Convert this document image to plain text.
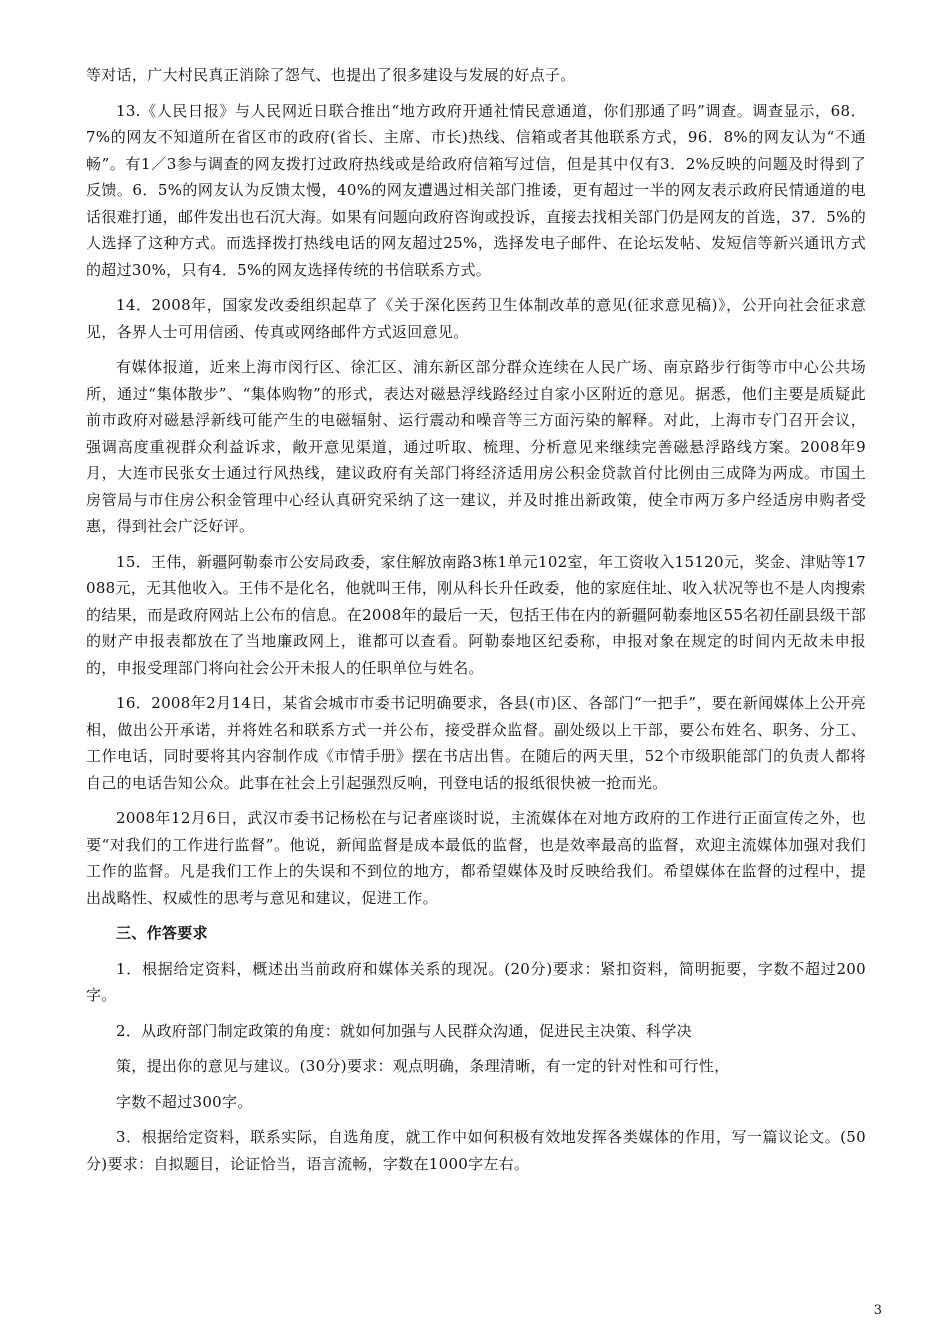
等对话，广大村民真正消除了怨气、也提出了很多建设与发展的好点子。

13.《人民日报》与人民网近日联合推出“地方政府开通社情民意通道，你们那通了吗”调查。调查显示，68．7%的网友不知道所在省区市的政府(省长、主席、市长)热线、信箱或者其他联系方式，96．8%的网友认为“不通畅”。有1／3参与调查的网友拨打过政府热线或是给政府信箱写过信，但是其中仅有3．2%反映的问题及时得到了反馈。6．5%的网友认为反馈太慢，40%的网友遭遇过相关部门推诿，更有超过一半的网友表示政府民情通道的电话很难打通，邮件发出也石沉大海。如果有问题向政府咨询或投诉，直接去找相关部门仍是网友的首选，37．5%的人选择了这种方式。而选择拨打热线电话的网友超过25%，选择发电子邮件、在论坛发帖、发短信等新兴通讯方式的超过30%，只有4．5%的网友选择传统的书信联系方式。

14．2008年，国家发改委组织起草了《关于深化医药卫生体制改革的意见(征求意见稿)》，公开向社会征求意见，各界人士可用信函、传真或网络邮件方式返回意见。

有媒体报道，近来上海市闵行区、徐汇区、浦东新区部分群众连续在人民广场、南京路步行街等市中心公共场所，通过“集体散步”、“集体购物”的形式，表达对磁悬浮线路经过自家小区附近的意见。据悉，他们主要是质疑此前市政府对磁悬浮新线可能产生的电磁辐射、运行震动和噪音等三方面污染的解释。对此，上海市专门召开会议，强调高度重视群众利益诉求，敞开意见渠道，通过听取、梳理、分析意见来继续完善磁悬浮路线方案。2008年9月，大连市民张女士通过行风热线，建议政府有关部门将经济适用房公积金贷款首付比例由三成降为两成。市国土房管局与市住房公积金管理中心经认真研究采纳了这一建议，并及时推出新政策，使全市两万多户经适房申购者受惠，得到社会广泛好评。

15．王伟，新疆阿勒泰市公安局政委，家住解放南路3栋1单元102室，年工资收入15120元，奖金、津贴等17088元，无其他收入。王伟不是化名，他就叫王伟，刚从科长升任政委，他的家庭住址、收入状况等也不是人肉搜索的结果，而是政府网站上公布的信息。在2008年的最后一天，包括王伟在内的新疆阿勒泰地区55名初任副县级干部的财产申报表都放在了当地廉政网上，谁都可以查看。阿勒泰地区纪委称，申报对象在规定的时间内无故未申报的，申报受理部门将向社会公开未报人的任职单位与姓名。

16．2008年2月14日，某省会城市市委书记明确要求，各县(市)区、各部门“一把手”，要在新闻媒体上公开亮相，做出公开承诺，并将姓名和联系方式一并公布，接受群众监督。副处级以上干部，要公布姓名、职务、分工、工作电话，同时要将其内容制作成《市情手册》摆在书店出售。在随后的两天里，52个市级职能部门的负责人都将自己的电话告知公众。此事在社会上引起强烈反响，刊登电话的报纸很快被一抢而光。

2008年12月6日，武汉市委书记杨松在与记者座谈时说，主流媒体在对地方政府的工作进行正面宣传之外，也要“对我们的工作进行监督”。他说，新闻监督是成本最低的监督，也是效率最高的监督，欢迎主流媒体加强对我们工作的监督。凡是我们工作上的失误和不到位的地方，都希望媒体及时反映给我们。希望媒体在监督的过程中，提出战略性、权威性的思考与意见和建议，促进工作。

三、作答要求

1．根据给定资料，概述出当前政府和媒体关系的现况。(20分)要求：紧扣资料，简明扼要，字数不超过200字。

2．从政府部门制定政策的角度：就如何加强与人民群众沟通，促进民主决策、科学决

策，提出你的意见与建议。(30分)要求：观点明确，条理清晰，有一定的针对性和可行性，

字数不超过300字。

3．根据给定资料，联系实际，自选角度，就工作中如何积极有效地发挥各类媒体的作用，写一篇议论文。(50分)要求：自拟题目，论证恰当，语言流畅，字数在1000字左右。

3
